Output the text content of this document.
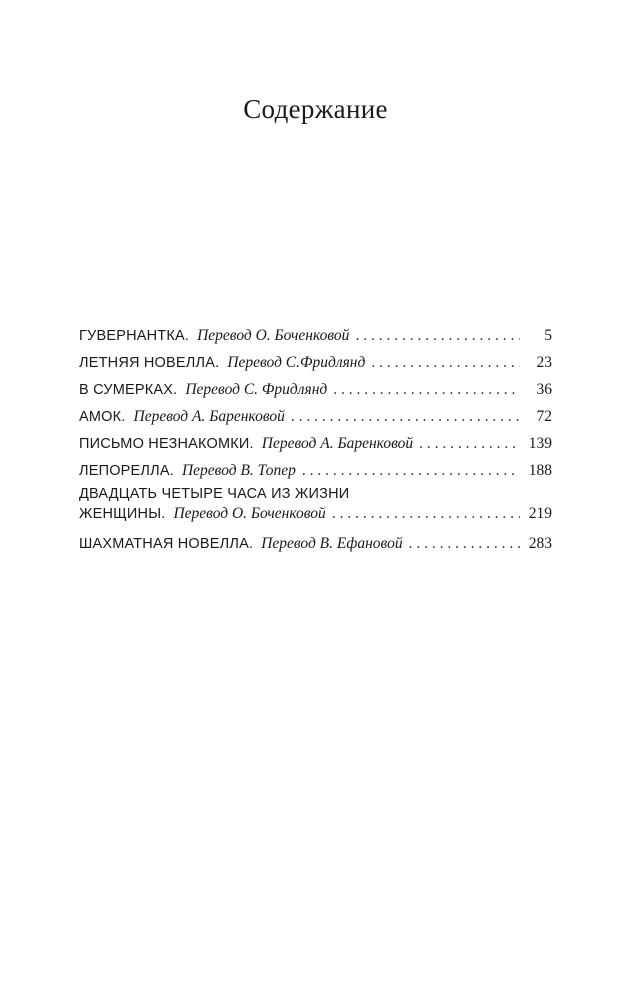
Содержание
ГУВЕРНАНТКА. Перевод О. Боченковой . . .	5
ЛЕТНЯЯ НОВЕЛЛА. Перевод С.Фридлянд . . .	23
В СУМЕРКАХ. Перевод С. Фридлянд . . .	36
АМОК. Перевод А. Баренковой . . .	72
ПИСЬМО НЕЗНАКОМКИ. Перевод А. Баренковой . . .	139
ЛЕПОРЕЛЛА. Перевод В. Топер . . .	188
ДВАДЦАТЬ ЧЕТЫРЕ ЧАСА ИЗ ЖИЗНИ
ЖЕНЩИНЫ. Перевод О. Боченковой . . .	219
ШАХМАТНАЯ НОВЕЛЛА. Перевод В. Ефановой . . .	283
